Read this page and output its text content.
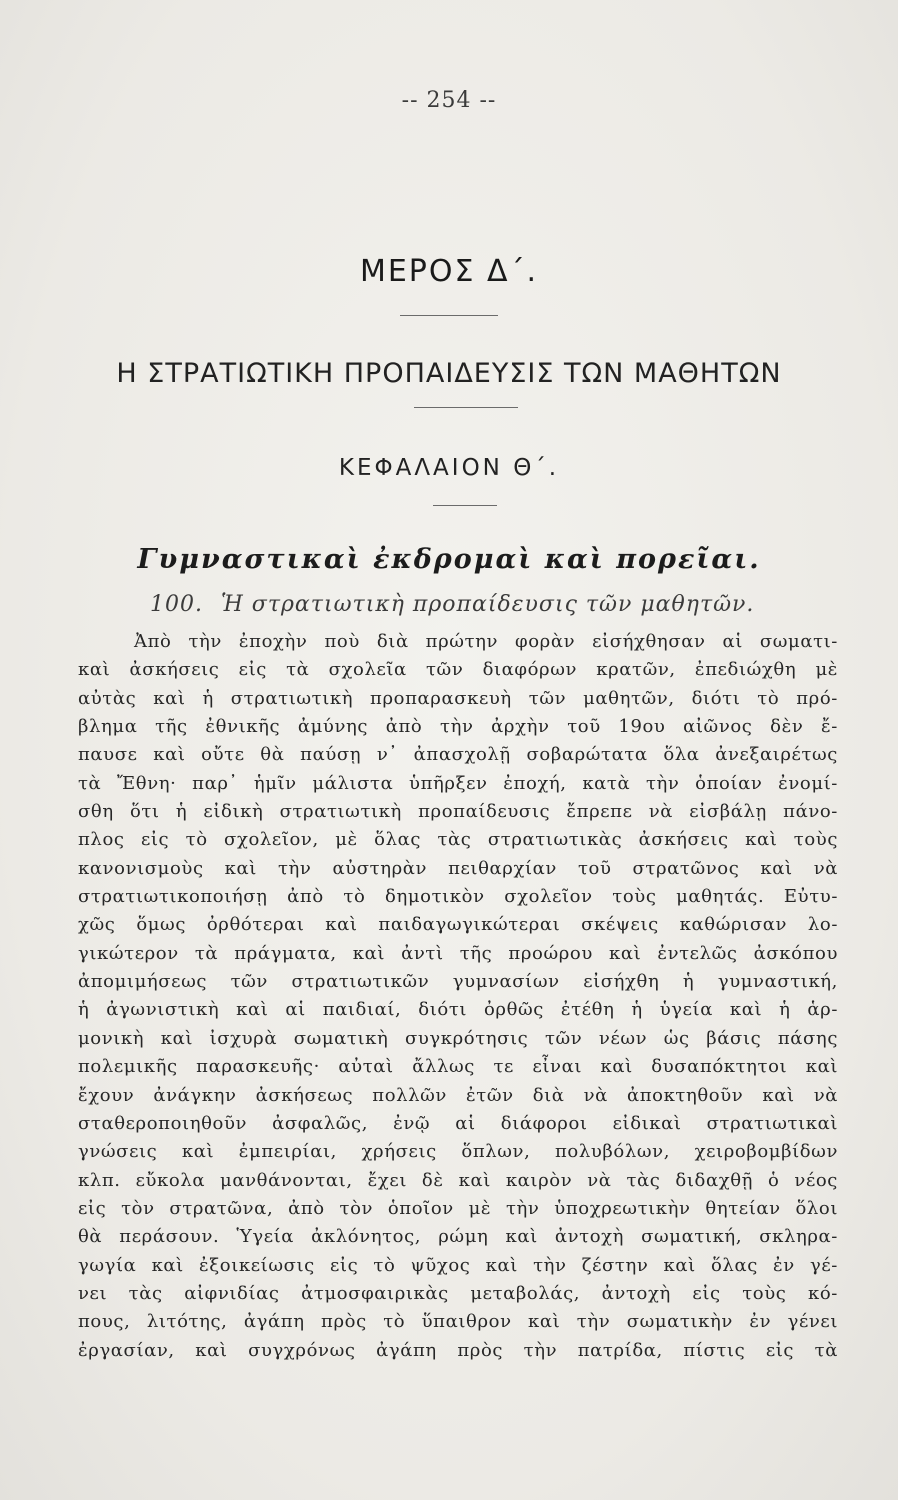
-- 254 --
ΜΕΡΟΣ Δ΄.
Η ΣΤΡΑΤΙΩΤΙΚΗ ΠΡΟΠΑΙΔΕΥΣΙΣ ΤΩΝ ΜΑΘΗΤΩΝ
ΚΕΦΑΛΑΙΟΝ Θ΄.
Γυμναστικαὶ ἐκδρομαὶ καὶ πορεῖαι.
100. Ἡ στρατιωτικὴ προπαίδευσις τῶν μαθητῶν.
Ἀπὸ τὴν ἐποχὴν ποὺ διὰ πρώτην φορὰν εἰσήχθησαν αἱ σωματι-
καὶ ἀσκήσεις εἰς τὰ σχολεῖα τῶν διαφόρων κρατῶν, ἐπεδιώχθη μὲ
αὐτὰς καὶ ἡ στρατιωτικὴ προπαρασκευὴ τῶν μαθητῶν, διότι τὸ πρό-
βλημα τῆς ἐθνικῆς ἀμύνης ἀπὸ τὴν ἀρχὴν τοῦ 19ου αἰῶνος δὲν ἔ-
παυσε καὶ οὔτε θὰ παύσῃ ν᾽ ἀπασχολῇ σοβαρώτατα ὅλα ἀνεξαιρέτως
τὰ Ἔθνη· παρ᾽ ἡμῖν μάλιστα ὑπῆρξεν ἐποχή, κατὰ τὴν ὁποίαν ἐνομί-
σθη ὅτι ἡ εἰδικὴ στρατιωτικὴ προπαίδευσις ἔπρεπε νὰ εἰσβάλῃ πάνο-
πλος εἰς τὸ σχολεῖον, μὲ ὅλας τὰς στρατιωτικὰς ἀσκήσεις καὶ τοὺς
κανονισμοὺς καὶ τὴν αὐστηρὰν πειθαρχίαν τοῦ στρατῶνος καὶ νὰ
στρατιωτικοποιήσῃ ἀπὸ τὸ δημοτικὸν σχολεῖον τοὺς μαθητάς. Εὐτυ-
χῶς ὅμως ὀρθότεραι καὶ παιδαγωγικώτεραι σκέψεις καθώρισαν λο-
γικώτερον τὰ πράγματα, καὶ ἀντὶ τῆς προώρου καὶ ἐντελῶς ἀσκόπου
ἀπομιμήσεως τῶν στρατιωτικῶν γυμνασίων εἰσήχθη ἡ γυμναστική,
ἡ ἀγωνιστικὴ καὶ αἱ παιδιαί, διότι ὀρθῶς ἐτέθη ἡ ὑγεία καὶ ἡ ἁρ-
μονικὴ καὶ ἰσχυρὰ σωματικὴ συγκρότησις τῶν νέων ὡς βάσις πάσης
πολεμικῆς παρασκευῆς· αὐταὶ ἄλλως τε εἶναι καὶ δυσαπόκτητοι καὶ
ἔχουν ἀνάγκην ἀσκήσεως πολλῶν ἐτῶν διὰ νὰ ἀποκτηθοῦν καὶ νὰ
σταθεροποιηθοῦν ἀσφαλῶς, ἐνῷ αἱ διάφοροι εἰδικαὶ στρατιωτικαὶ
γνώσεις καὶ ἐμπειρίαι, χρήσεις ὅπλων, πολυβόλων, χειροβομβίδων
κλπ. εὔκολα μανθάνονται, ἔχει δὲ καὶ καιρὸν νὰ τὰς διδαχθῇ ὁ νέος
εἰς τὸν στρατῶνα, ἀπὸ τὸν ὁποῖον μὲ τὴν ὑποχρεωτικὴν θητείαν ὅλοι
θὰ περάσουν. Ὑγεία ἀκλόνητος, ρώμη καὶ ἀντοχὴ σωματική, σκληρα-
γωγία καὶ ἐξοικείωσις εἰς τὸ ψῦχος καὶ τὴν ζέστην καὶ ὅλας ἐν γέ-
νει τὰς αἰφνιδίας ἀτμοσφαιρικὰς μεταβολάς, ἀντοχὴ εἰς τοὺς κό-
πους, λιτότης, ἀγάπη πρὸς τὸ ὕπαιθρον καὶ τὴν σωματικὴν ἐν γένει
ἐργασίαν, καὶ συγχρόνως ἀγάπη πρὸς τὴν πατρίδα, πίστις εἰς τὰ
